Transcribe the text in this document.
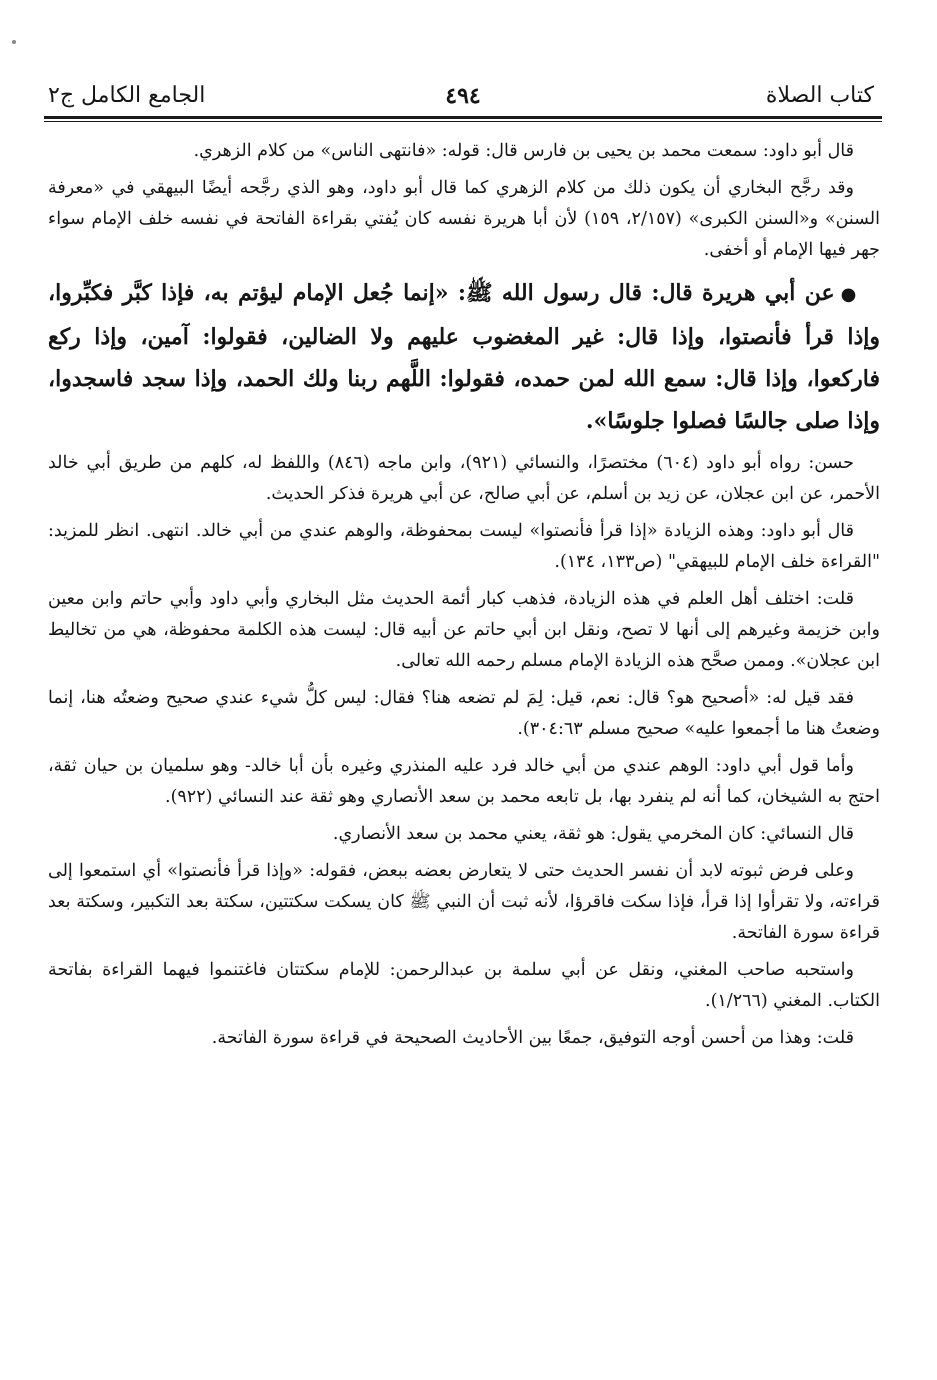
كتاب الصلاة
٤٩٤
الجامع الكامل ج٢

قال أبو داود: سمعت محمد بن يحيى بن فارس قال: قوله: «فانتهى الناس» من كلام الزهري.

وقد رجَّح البخاري أن يكون ذلك من كلام الزهري كما قال أبو داود، وهو الذي رجَّحه أيضًا البيهقي في «معرفة السنن» و«السنن الكبرى» (٢/١٥٧، ١٥٩) لأن أبا هريرة نفسه كان يُفتي بقراءة الفاتحة في نفسه خلف الإمام سواء جهر فيها الإمام أو أخفى.

●عن أبي هريرة قال: قال رسول الله ﷺ: «إنما جُعل الإمام ليؤتم به، فإذا كبَّر فكبِّروا، وإذا قرأ فأنصتوا، وإذا قال: غير المغضوب عليهم ولا الضالين، فقولوا: آمين، وإذا ركع فاركعوا، وإذا قال: سمع الله لمن حمده، فقولوا: اللَّهم ربنا ولك الحمد، وإذا سجد فاسجدوا، وإذا صلى جالسًا فصلوا جلوسًا».

حسن: رواه أبو داود (٦٠٤) مختصرًا، والنسائي (٩٢١)، وابن ماجه (٨٤٦) واللفظ له، كلهم من طريق أبي خالد الأحمر، عن ابن عجلان، عن زيد بن أسلم، عن أبي صالح، عن أبي هريرة فذكر الحديث.

قال أبو داود: وهذه الزيادة «إذا قرأ فأنصتوا» ليست بمحفوظة، والوهم عندي من أبي خالد. انتهى. انظر للمزيد: "القراءة خلف الإمام للبيهقي" (ص١٣٣، ١٣٤).

قلت: اختلف أهل العلم في هذه الزيادة، فذهب كبار أئمة الحديث مثل البخاري وأبي داود وأبي حاتم وابن معين وابن خزيمة وغيرهم إلى أنها لا تصح، ونقل ابن أبي حاتم عن أبيه قال: ليست هذه الكلمة محفوظة، هي من تخاليط ابن عجلان». وممن صحَّح هذه الزيادة الإمام مسلم رحمه الله تعالى.

فقد قيل له: «أصحيح هو؟ قال: نعم، قيل: لِمَ لم تضعه هنا؟ فقال: ليس كلُّ شيء عندي صحيح وضعتُه هنا، إنما وضعتُ هنا ما أجمعوا عليه» صحيح مسلم ٣٠٤:٦٣).

وأما قول أبي داود: الوهم عندي من أبي خالد فرد عليه المنذري وغيره بأن أبا خالد- وهو سلميان بن حيان ثقة، احتج به الشيخان، كما أنه لم ينفرد بها، بل تابعه محمد بن سعد الأنصاري وهو ثقة عند النسائي (٩٢٢).

قال النسائي: كان المخرمي يقول: هو ثقة، يعني محمد بن سعد الأنصاري.

وعلى فرض ثبوته لابد أن نفسر الحديث حتى لا يتعارض بعضه ببعض، فقوله: «وإذا قرأ فأنصتوا» أي استمعوا إلى قراءته، ولا تقرأوا إذا قرأ، فإذا سكت فاقرؤا، لأنه ثبت أن النبي ﷺ كان يسكت سكتتين، سكتة بعد التكبير، وسكتة بعد قراءة سورة الفاتحة.

واستحبه صاحب المغني، ونقل عن أبي سلمة بن عبدالرحمن: للإمام سكتتان فاغتنموا فيهما القراءة بفاتحة الكتاب. المغني (١/٢٦٦).

قلت: وهذا من أحسن أوجه التوفيق، جمعًا بين الأحاديث الصحيحة في قراءة سورة الفاتحة.
